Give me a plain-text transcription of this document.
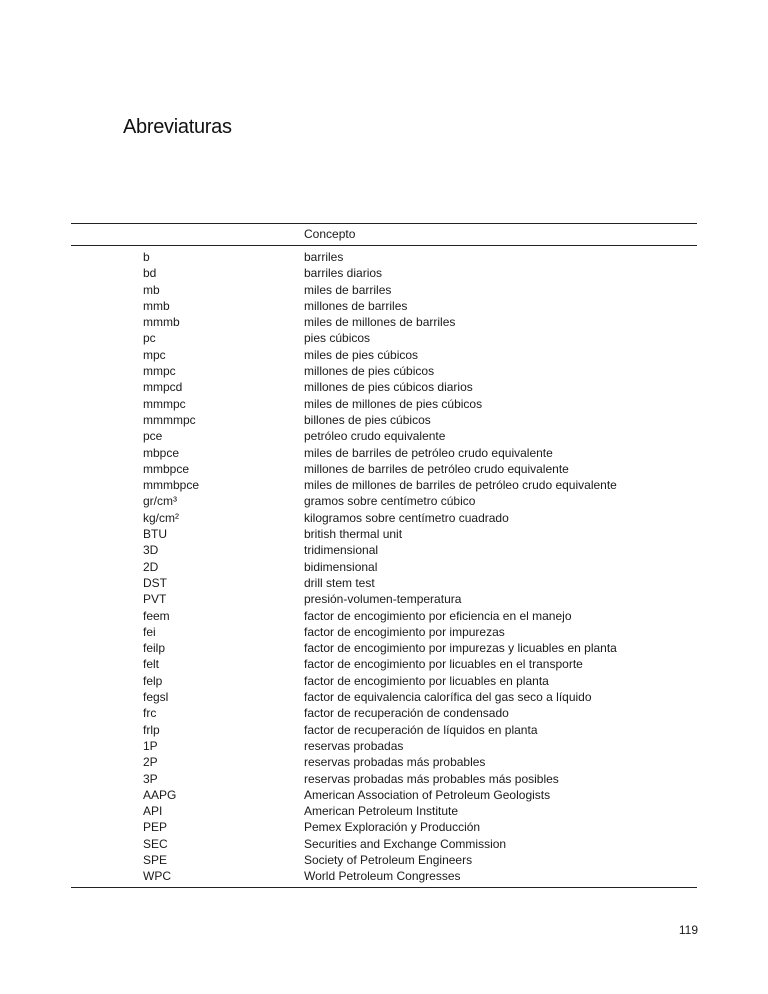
Abreviaturas
Concepto
b	barriles
bd	barriles diarios
mb	miles de barriles
mmb	millones de barriles
mmmb	miles de millones de barriles
pc	pies cúbicos
mpc	miles de pies cúbicos
mmpc	millones de pies cúbicos
mmpcd	millones de pies cúbicos diarios
mmmpc	miles de millones de pies cúbicos
mmmmpc	billones de pies cúbicos
pce	petróleo crudo equivalente
mbpce	miles de barriles de petróleo crudo equivalente
mmbpce	millones de barriles de petróleo crudo equivalente
mmmbpce	miles de millones de barriles de petróleo crudo equivalente
gr/cm³	gramos sobre centímetro cúbico
kg/cm²	kilogramos sobre centímetro cuadrado
BTU	british thermal unit
3D	tridimensional
2D	bidimensional
DST	drill stem test
PVT	presión-volumen-temperatura
feem	factor de encogimiento por eficiencia en el manejo
fei	factor de encogimiento por impurezas
feilp	factor de encogimiento por impurezas y licuables en planta
felt	factor de encogimiento por licuables en el transporte
felp	factor de encogimiento por licuables en planta
fegsl	factor de equivalencia calorífica del gas seco a líquido
frc	factor de recuperación de condensado
frlp	factor de recuperación de líquidos en planta
1P	reservas probadas
2P	reservas probadas más probables
3P	reservas probadas más probables más posibles
AAPG	American Association of Petroleum Geologists
API	American Petroleum Institute
PEP	Pemex Exploración y Producción
SEC	Securities and Exchange Commission
SPE	Society of Petroleum Engineers
WPC	World Petroleum Congresses
119
